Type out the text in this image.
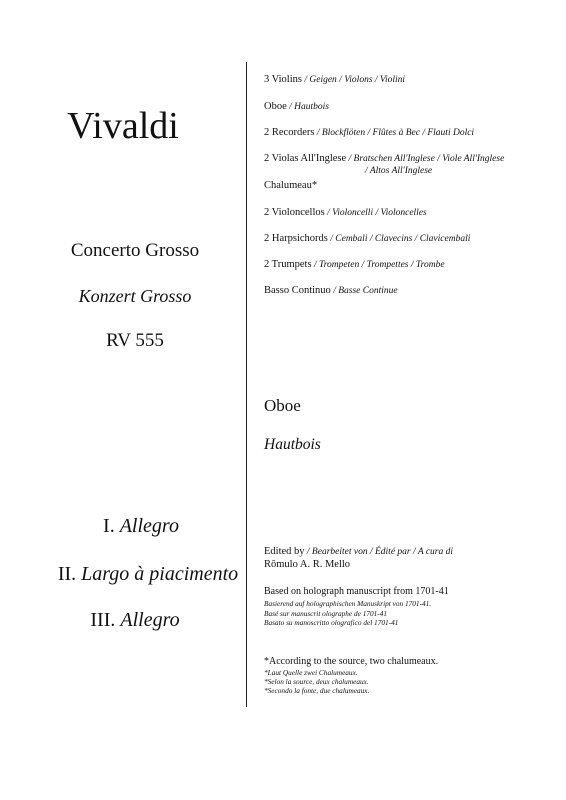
Vivaldi
Concerto Grosso
Konzert Grosso
RV 555
I. Allegro
II. Largo à piacimento
III. Allegro
3 Violins / Geigen / Violons / Violini
Oboe / Hautbois
2 Recorders / Blockflöten / Flûtes à Bec / Flauti Dolci
2 Violas All'Inglese / Bratschen All'Inglese / Viole All'Inglese
/ Altos All'Inglese
Chalumeau*
2 Violoncellos / Violoncelli / Violoncelles
2 Harpsichords / Cembali / Clavecins / Clavicembali
2 Trumpets / Trompeten / Trompettes / Trombe
Basso Continuo / Basse Continue
Oboe
Hautbois
Edited by / Bearbeitet von / Édité par / A cura di
Rômulo A. R. Mello
Based on holograph manuscript from 1701-41
Basierend auf holographischen Manuskript von 1701-41.
Basé sur manuscrit olographe de 1701-41
Basato su manoscritto olografico del 1701-41
*According to the source, two chalumeaux.
*Laut Quelle zwei Chalumeaux.
*Selon la source, deux chalumeaux.
*Secondo la fonte, due chalumeaux.
